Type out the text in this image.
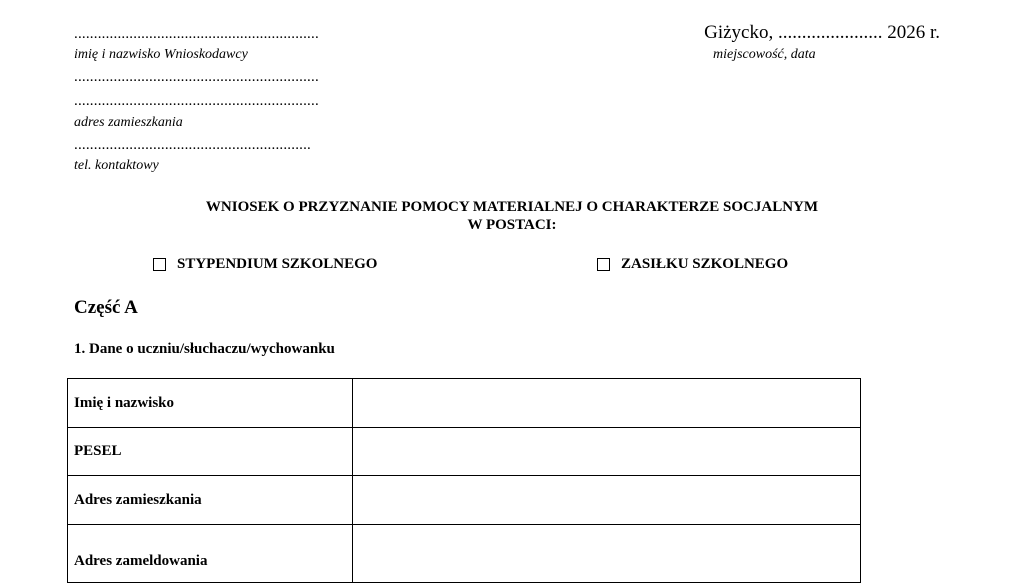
..............................................................
imię i nazwisko Wnioskodawcy
..............................................................
..............................................................
adres zamieszkania
............................................................
tel. kontaktowy
Giżycko, ...................... 2026 r.
miejscowość, data
WNIOSEK O PRZYZNANIE POMOCY MATERIALNEJ O CHARAKTERZE SOCJALNYM
W POSTACI:
STYPENDIUM SZKOLNEGO	ZASIŁKU SZKOLNEGO
Część A
1. Dane o uczniu/słuchaczu/wychowanku
Imię i nazwisko	
PESEL	
Adres zamieszkania	
Adres zameldowania	
